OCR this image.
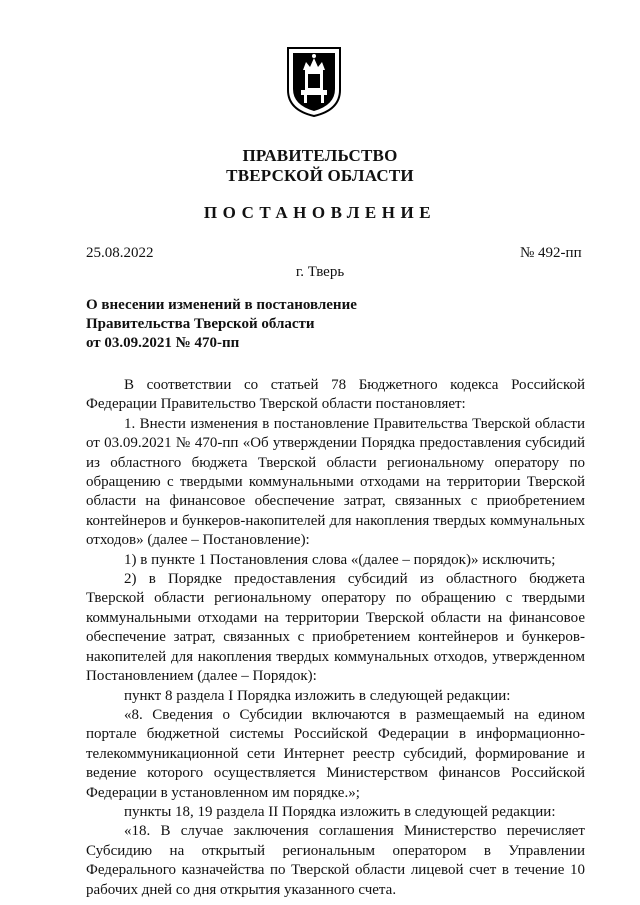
ПРАВИТЕЛЬСТВО
ТВЕРСКОЙ ОБЛАСТИ
ПОСТАНОВЛЕНИЕ
25.08.2022	№ 492-пп
г. Тверь
О внесении изменений в постановление
Правительства Тверской области
от 03.09.2021 № 470-пп

В соответствии со статьей 78 Бюджетного кодекса Российской Федерации Правительство Тверской области постановляет:

1. Внести изменения в постановление Правительства Тверской области от 03.09.2021 № 470-пп «Об утверждении Порядка предоставления субсидий из областного бюджета Тверской области региональному оператору по обращению с твердыми коммунальными отходами на территории Тверской области на финансовое обеспечение затрат, связанных с приобретением контейнеров и бункеров-накопителей для накопления твердых коммунальных отходов» (далее – Постановление):

1) в пункте 1 Постановления слова «(далее – порядок)» исключить;

2) в Порядке предоставления субсидий из областного бюджета Тверской области региональному оператору по обращению с твердыми коммунальными отходами на территории Тверской области на финансовое обеспечение затрат, связанных с приобретением контейнеров и бункеров-накопителей для накопления твердых коммунальных отходов, утвержденном Постановлением (далее – Порядок):

пункт 8 раздела I Порядка изложить в следующей редакции:

«8. Сведения о Субсидии включаются в размещаемый на едином портале бюджетной системы Российской Федерации в информационно-телекоммуникационной сети Интернет реестр субсидий, формирование и ведение которого осуществляется Министерством финансов Российской Федерации в установленном им порядке.»;

пункты 18, 19 раздела II Порядка изложить в следующей редакции:

«18. В случае заключения соглашения Министерство перечисляет Субсидию на открытый региональным оператором в Управлении Федерального казначейства по Тверской области лицевой счет в течение 10 рабочих дней со дня открытия указанного счета.
